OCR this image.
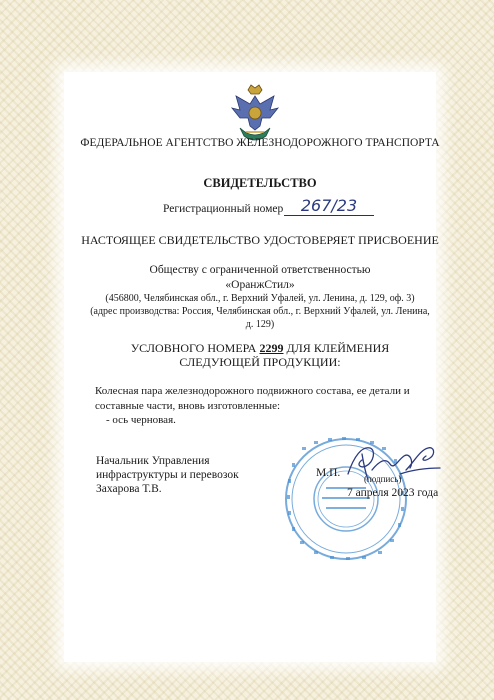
ФЕДЕРАЛЬНОЕ АГЕНТСТВО ЖЕЛЕЗНОДОРОЖНОГО ТРАНСПОРТА

СВИДЕТЕЛЬСТВО

Регистрационный номер	267/23

НАСТОЯЩЕЕ СВИДЕТЕЛЬСТВО УДОСТОВЕРЯЕТ ПРИСВОЕНИЕ

Обществу с ограниченной ответственностью

«ОранжСтил»

(456800, Челябинская обл., г. Верхний Уфалей, ул. Ленина, д. 129, оф. 3)

(адрес производства: Россия, Челябинская обл., г. Верхний Уфалей, ул. Ленина,

д. 129)

УСЛОВНОГО НОМЕРА 2299 ДЛЯ КЛЕЙМЕНИЯ

СЛЕДУЮЩЕЙ ПРОДУКЦИИ:

Колесная пара железнодорожного подвижного состава, ее детали и

составные части, вновь изготовленные:

- ось черновая.

Начальник Управления

инфраструктуры и перевозок

Захарова Т.В.

М.П.	(подпись)

7 апреля 2023 года
